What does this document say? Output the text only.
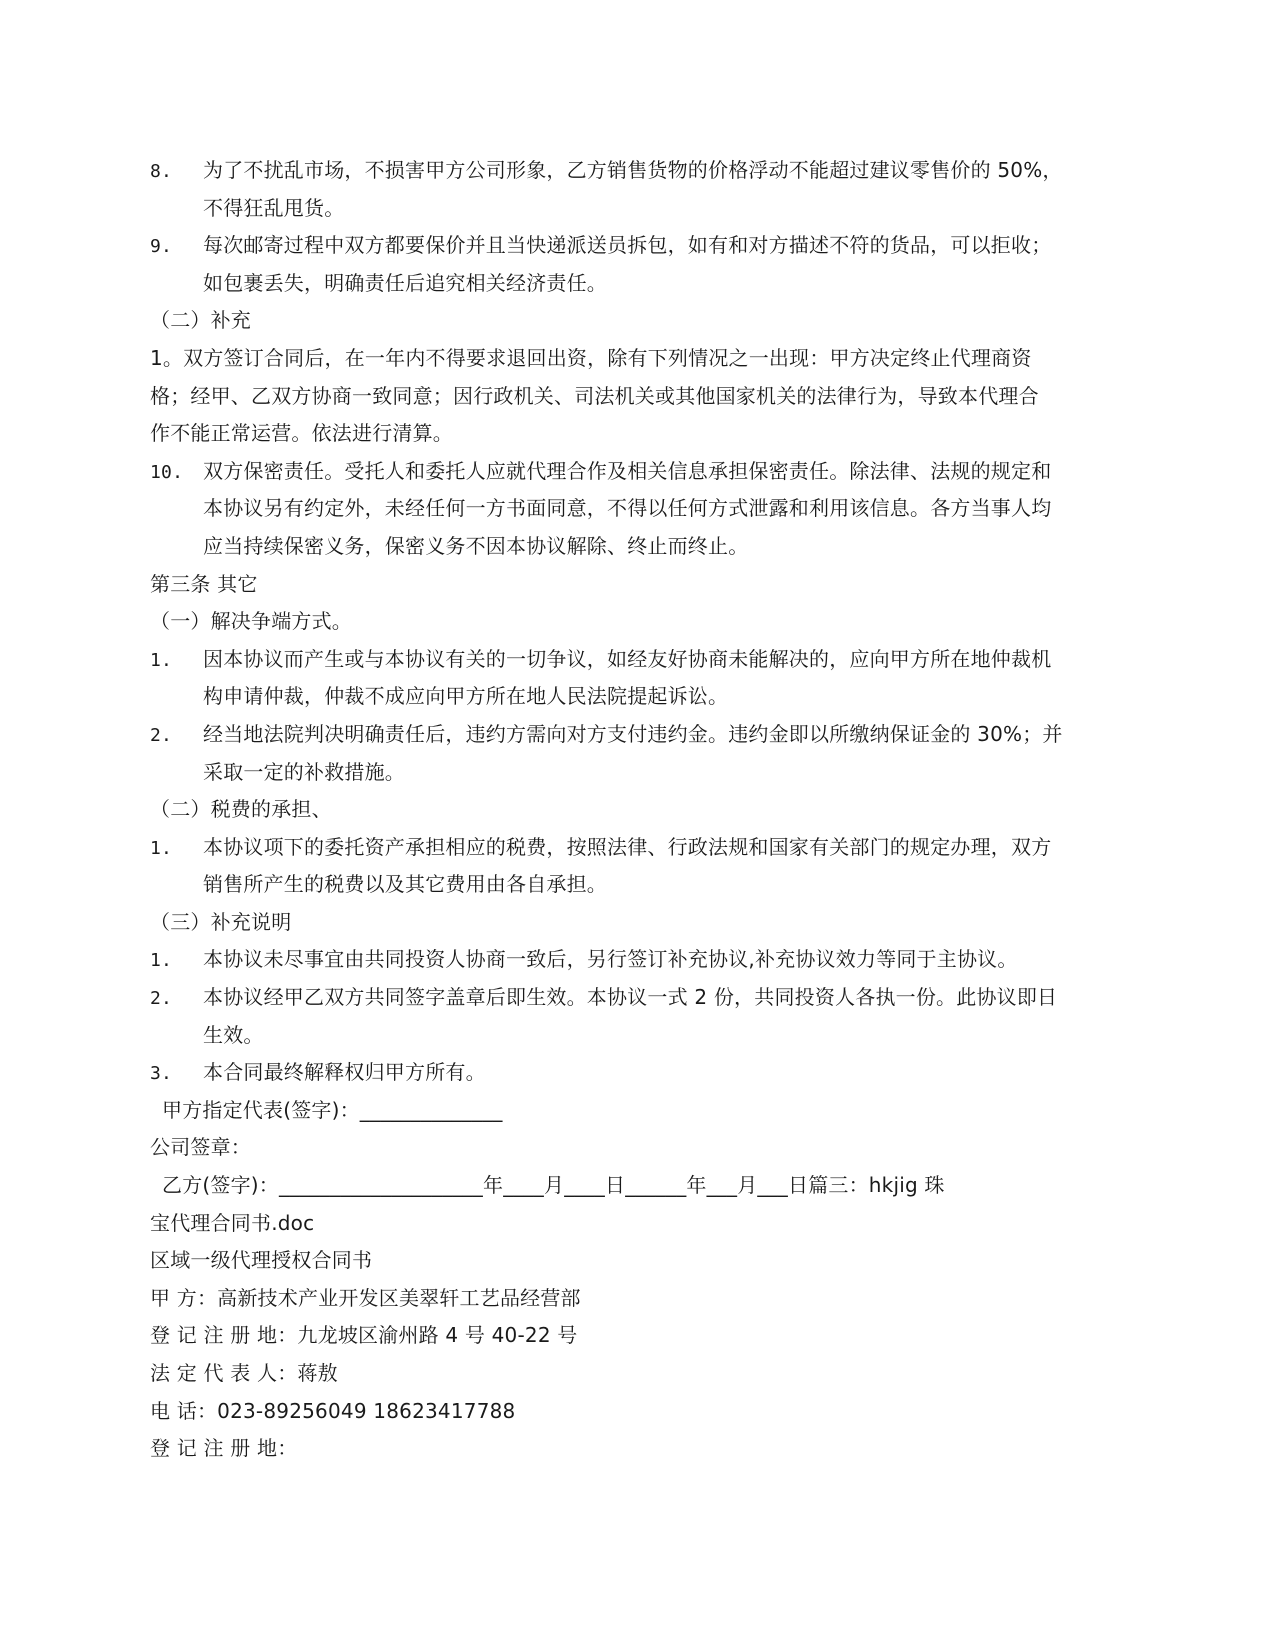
8. 为了不扰乱市场，不损害甲方公司形象，乙方销售货物的价格浮动不能超过建议零售价的 50%，
不得狂乱甩货。
9. 每次邮寄过程中双方都要保价并且当快递派送员拆包，如有和对方描述不符的货品，可以拒收；
如包裹丢失，明确责任后追究相关经济责任。
（二）补充
1。双方签订合同后，在一年内不得要求退回出资，除有下列情况之一出现：甲方决定终止代理商资
格；经甲、乙双方协商一致同意；因行政机关、司法机关或其他国家机关的法律行为，导致本代理合
作不能正常运营。依法进行清算。
10. 双方保密责任。受托人和委托人应就代理合作及相关信息承担保密责任。除法律、法规的规定和
本协议另有约定外，未经任何一方书面同意，不得以任何方式泄露和利用该信息。各方当事人均
应当持续保密义务，保密义务不因本协议解除、终止而终止。
第三条 其它
（一）解决争端方式。
1. 因本协议而产生或与本协议有关的一切争议，如经友好协商未能解决的，应向甲方所在地仲裁机
构申请仲裁，仲裁不成应向甲方所在地人民法院提起诉讼。
2. 经当地法院判决明确责任后，违约方需向对方支付违约金。违约金即以所缴纳保证金的 30%；并
采取一定的补救措施。
（二）税费的承担、
1. 本协议项下的委托资产承担相应的税费，按照法律、行政法规和国家有关部门的规定办理，双方
销售所产生的税费以及其它费用由各自承担。
（三）补充说明
1. 本协议未尽事宜由共同投资人协商一致后，另行签订补充协议,补充协议效力等同于主协议。
2. 本协议经甲乙双方共同签字盖章后即生效。本协议一式 2 份，共同投资人各执一份。此协议即日
生效。
3. 本合同最终解释权归甲方所有。
甲方指定代表(签字)：______________
公司签章：
乙方(签字)：____________________年____月____日______年___月___日篇三：hkjig 珠
宝代理合同书.doc
区域一级代理授权合同书
甲 方：高新技术产业开发区美翠轩工艺品经营部
登 记 注 册 地：九龙坡区渝州路 4 号 40-22 号
法 定 代 表 人：蒋敖
电 话：023-89256049 18623417788
登 记 注 册 地：
